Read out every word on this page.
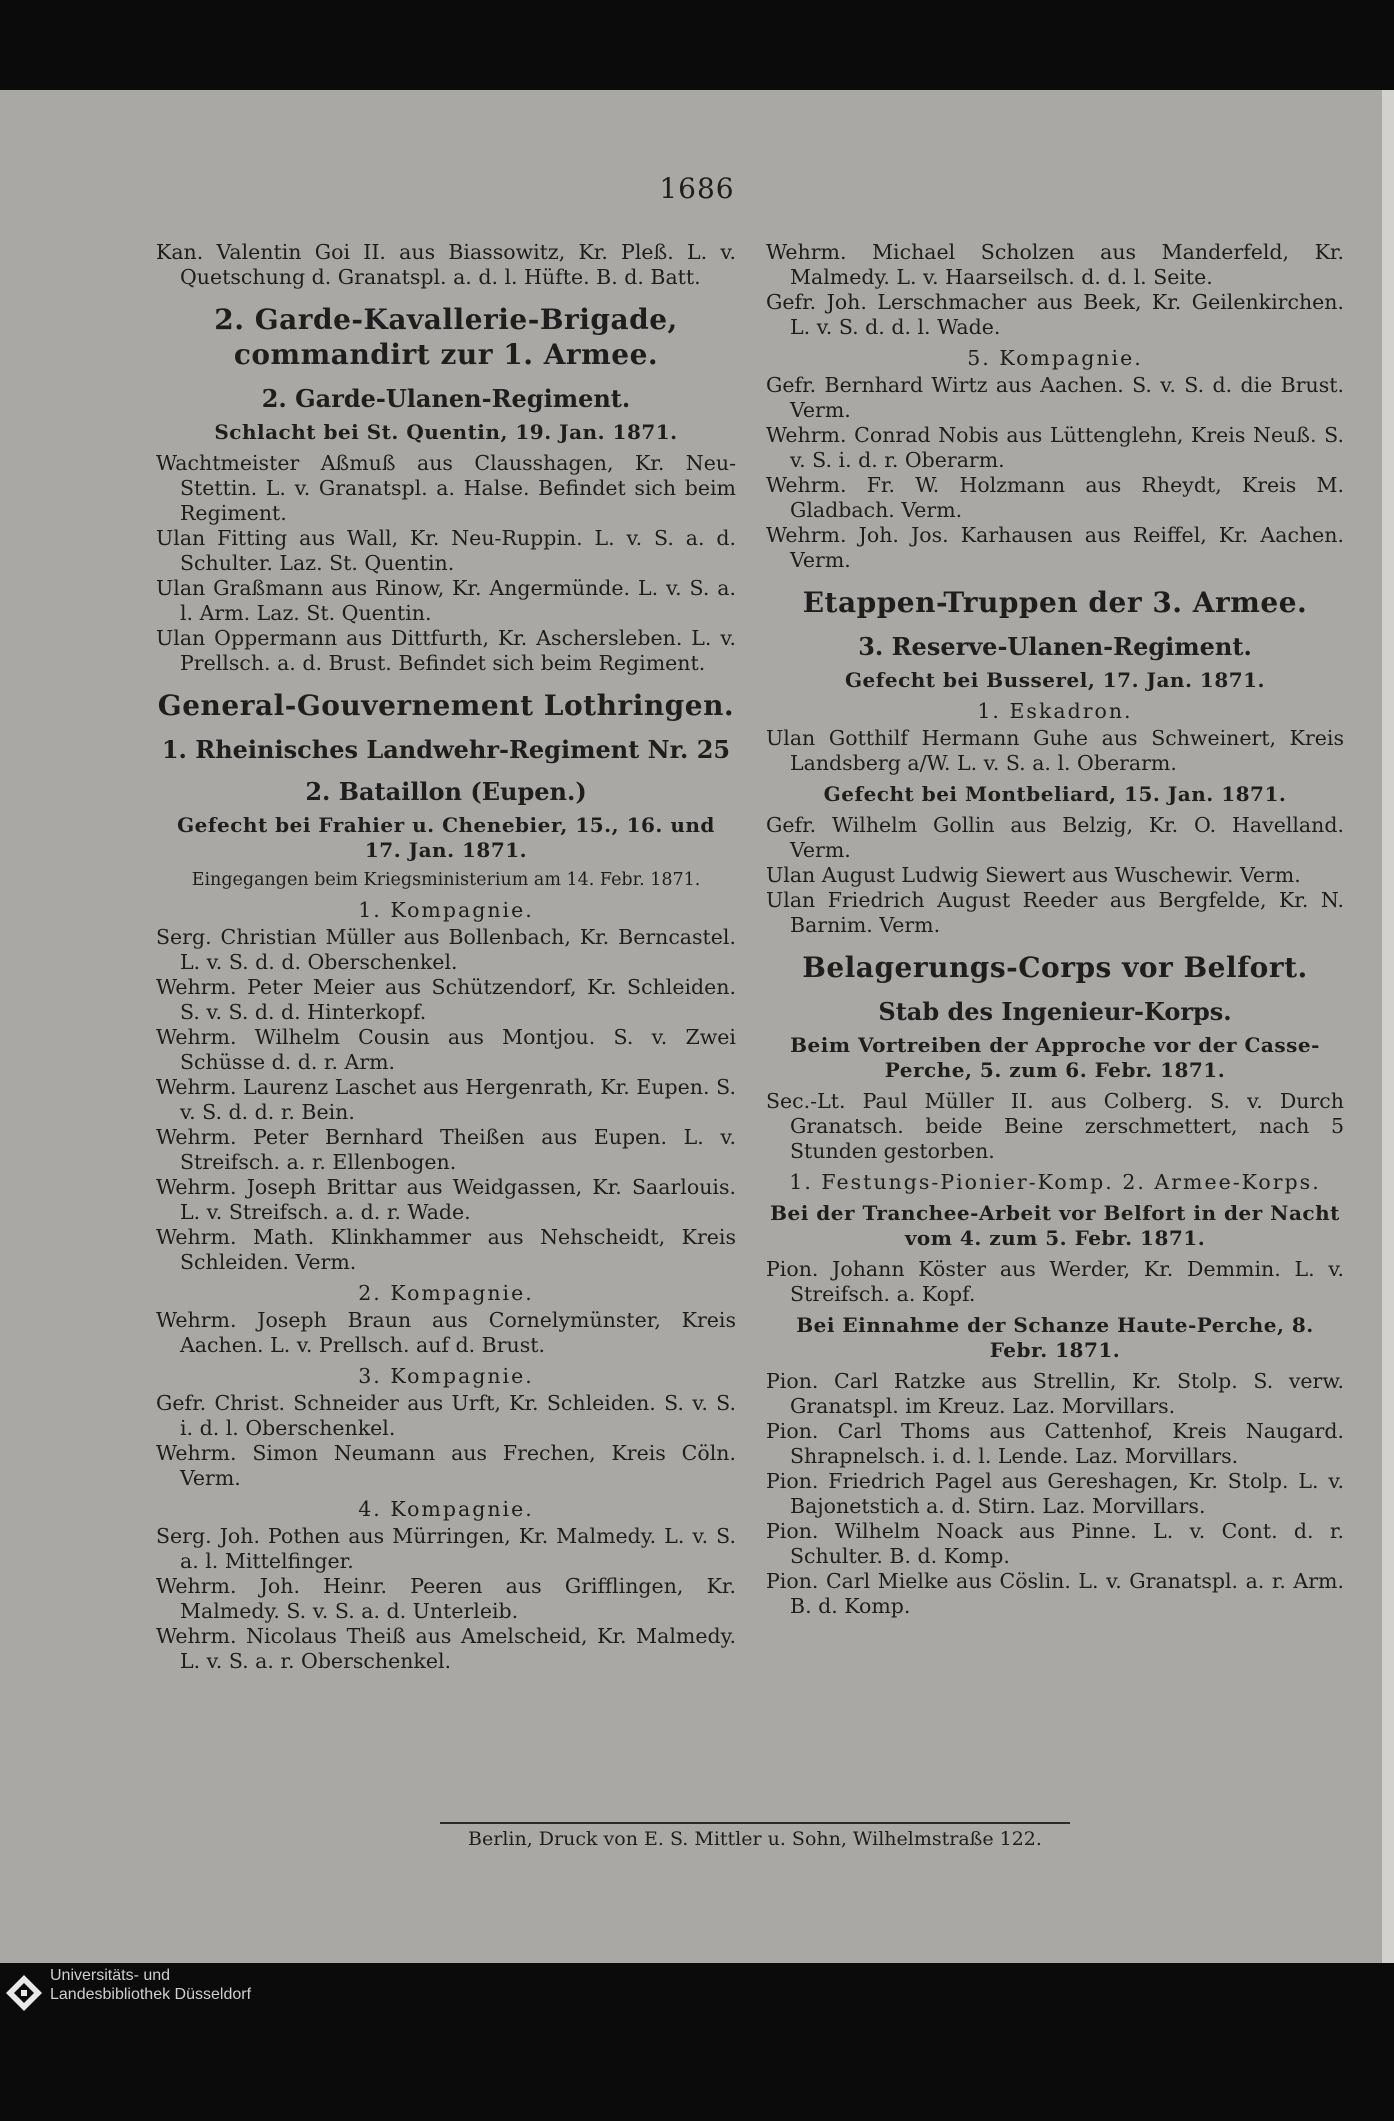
1686
Kan. Valentin Goi II. aus Biassowitz, Kr. Pleß. L. v. Quetschung d. Granatspl. a. d. l. Hüfte. B. d. Batt.
2. Garde-Kavallerie-Brigade, commandirt zur 1. Armee.
2. Garde-Ulanen-Regiment.
Schlacht bei St. Quentin, 19. Jan. 1871.
Wachtmeister Aßmuß aus Clausshagen, Kr. Neu-Stettin. L. v. Granatspl. a. Halse. Befindet sich beim Regiment.
Ulan Fitting aus Wall, Kr. Neu-Ruppin. L. v. S. a. d. Schulter. Laz. St. Quentin.
Ulan Graßmann aus Rinow, Kr. Angermünde. L. v. S. a. l. Arm. Laz. St. Quentin.
Ulan Oppermann aus Dittfurth, Kr. Aschersleben. L. v. Prellsch. a. d. Brust. Befindet sich beim Regiment.
General-Gouvernement Lothringen.
1. Rheinisches Landwehr-Regiment Nr. 25
2. Bataillon (Eupen.)
Gefecht bei Frahier u. Chenebier, 15., 16. und 17. Jan. 1871.
Eingegangen beim Kriegsministerium am 14. Febr. 1871.
1. Kompagnie.
Serg. Christian Müller aus Bollenbach, Kr. Berncastel. L. v. S. d. d. Oberschenkel.
Wehrm. Peter Meier aus Schützendorf, Kr. Schleiden. S. v. S. d. d. Hinterkopf.
Wehrm. Wilhelm Cousin aus Montjou. S. v. Zwei Schüsse d. d. r. Arm.
Wehrm. Laurenz Laschet aus Hergenrath, Kr. Eupen. S. v. S. d. d. r. Bein.
Wehrm. Peter Bernhard Theißen aus Eupen. L. v. Streifsch. a. r. Ellenbogen.
Wehrm. Joseph Brittar aus Weidgassen, Kr. Saarlouis. L. v. Streifsch. a. d. r. Wade.
Wehrm. Math. Klinkhammer aus Nehscheidt, Kreis Schleiden. Verm.
2. Kompagnie.
Wehrm. Joseph Braun aus Cornelymünster, Kreis Aachen. L. v. Prellsch. auf d. Brust.
3. Kompagnie.
Gefr. Christ. Schneider aus Urft, Kr. Schleiden. S. v. S. i. d. l. Oberschenkel.
Wehrm. Simon Neumann aus Frechen, Kreis Cöln. Verm.
4. Kompagnie.
Serg. Joh. Pothen aus Mürringen, Kr. Malmedy. L. v. S. a. l. Mittelfinger.
Wehrm. Joh. Heinr. Peeren aus Grifflingen, Kr. Malmedy. S. v. S. a. d. Unterleib.
Wehrm. Nicolaus Theiß aus Amelscheid, Kr. Malmedy. L. v. S. a. r. Oberschenkel.
Wehrm. Michael Scholzen aus Manderfeld, Kr. Malmedy. L. v. Haarseilsch. d. d. l. Seite.
Gefr. Joh. Lerschmacher aus Beek, Kr. Geilenkirchen. L. v. S. d. d. l. Wade.
5. Kompagnie.
Gefr. Bernhard Wirtz aus Aachen. S. v. S. d. die Brust. Verm.
Wehrm. Conrad Nobis aus Lüttenglehn, Kreis Neuß. S. v. S. i. d. r. Oberarm.
Wehrm. Fr. W. Holzmann aus Rheydt, Kreis M. Gladbach. Verm.
Wehrm. Joh. Jos. Karhausen aus Reiffel, Kr. Aachen. Verm.
Etappen-Truppen der 3. Armee.
3. Reserve-Ulanen-Regiment.
Gefecht bei Busserel, 17. Jan. 1871.
1. Eskadron.
Ulan Gotthilf Hermann Guhe aus Schweinert, Kreis Landsberg a/W. L. v. S. a. l. Oberarm.
Gefecht bei Montbeliard, 15. Jan. 1871.
Gefr. Wilhelm Gollin aus Belzig, Kr. O. Havelland. Verm.
Ulan August Ludwig Siewert aus Wuschewir. Verm.
Ulan Friedrich August Reeder aus Bergfelde, Kr. N. Barnim. Verm.
Belagerungs-Corps vor Belfort.
Stab des Ingenieur-Korps.
Beim Vortreiben der Approche vor der Casse-Perche, 5. zum 6. Febr. 1871.
Sec.-Lt. Paul Müller II. aus Colberg. S. v. Durch Granatsch. beide Beine zerschmettert, nach 5 Stunden gestorben.
1. Festungs-Pionier-Komp. 2. Armee-Korps.
Bei der Tranchee-Arbeit vor Belfort in der Nacht vom 4. zum 5. Febr. 1871.
Pion. Johann Köster aus Werder, Kr. Demmin. L. v. Streifsch. a. Kopf.
Bei Einnahme der Schanze Haute-Perche, 8. Febr. 1871.
Pion. Carl Ratzke aus Strellin, Kr. Stolp. S. verw. Granatspl. im Kreuz. Laz. Morvillars.
Pion. Carl Thoms aus Cattenhof, Kreis Naugard. Shrapnelsch. i. d. l. Lende. Laz. Morvillars.
Pion. Friedrich Pagel aus Gereshagen, Kr. Stolp. L. v. Bajonetstich a. d. Stirn. Laz. Morvillars.
Pion. Wilhelm Noack aus Pinne. L. v. Cont. d. r. Schulter. B. d. Komp.
Pion. Carl Mielke aus Cöslin. L. v. Granatspl. a. r. Arm. B. d. Komp.
Berlin, Druck von E. S. Mittler u. Sohn, Wilhelmstraße 122.
Universitäts- und
Landesbibliothek Düsseldorf
